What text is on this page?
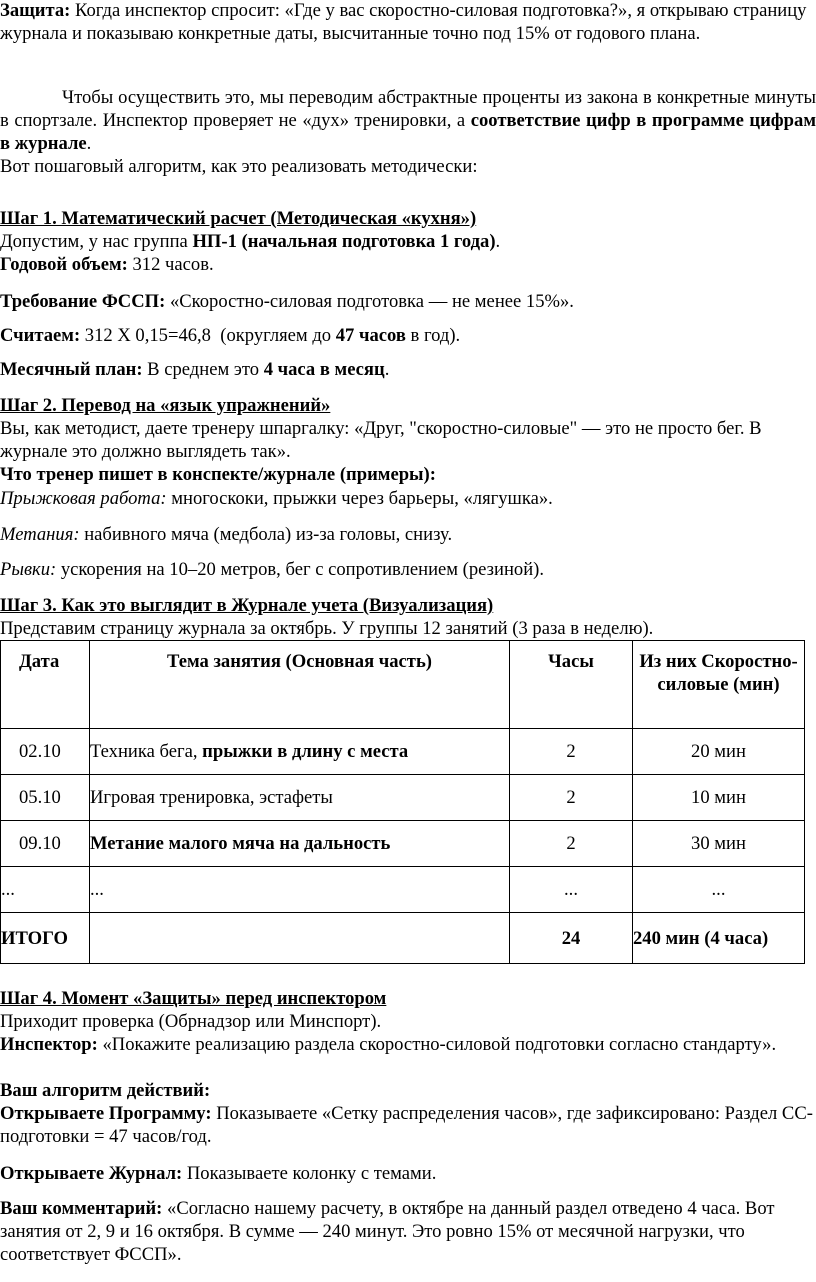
Защита: Когда инспектор спросит: «Где у вас скоростно-силовая подготовка?», я открываю страницу журнала и показываю конкретные даты, высчитанные точно под 15% от годового плана.

Чтобы осуществить это, мы переводим абстрактные проценты из закона в конкретные минуты в спортзале. Инспектор проверяет не «дух» тренировки, а соответствие цифр в программе цифрам в журнале.

Вот пошаговый алгоритм, как это реализовать методически:

Шаг 1. Математический расчет (Методическая «кухня»)

Допустим, у нас группа НП-1 (начальная подготовка 1 года).

Годовой объем: 312 часов.

Требование ФССП: «Скоростно-силовая подготовка — не менее 15%».

Считаем: 312 Х 0,15=46,8  (округляем до 47 часов в год).

Месячный план: В среднем это 4 часа в месяц.

Шаг 2. Перевод на «язык упражнений»

Вы, как методист, даете тренеру шпаргалку: «Друг, "скоростно-силовые" — это не просто бег. В журнале это должно выглядеть так».

Что тренер пишет в конспекте/журнале (примеры):

Прыжковая работа: многоскоки, прыжки через барьеры, «лягушка».

Метания: набивного мяча (медбола) из-за головы, снизу.

Рывки: ускорения на 10–20 метров, бег с сопротивлением (резиной).

Шаг 3. Как это выглядит в Журнале учета (Визуализация)

Представим страницу журнала за октябрь. У группы 12 занятий (3 раза в неделю).

Дата	Тема занятия (Основная часть)	Часы	Из них Скоростно-силовые (мин)
02.10	Техника бега, прыжки в длину с места	2	20 мин
05.10	Игровая тренировка, эстафеты	2	10 мин
09.10	Метание малого мяча на дальность	2	30 мин
...	...	...	...
ИТОГО		24	240 мин (4 часа)

Шаг 4. Момент «Защиты» перед инспектором

Приходит проверка (Обрнадзор или Минспорт).

Инспектор: «Покажите реализацию раздела скоростно-силовой подготовки согласно стандарту».

Ваш алгоритм действий:

Открываете Программу: Показываете «Сетку распределения часов», где зафиксировано: Раздел СС-подготовки = 47 часов/год.

Открываете Журнал: Показываете колонку с темами.

Ваш комментарий: «Согласно нашему расчету, в октябре на данный раздел отведено 4 часа. Вот занятия от 2, 9 и 16 октября. В сумме — 240 минут. Это ровно 15% от месячной нагрузки, что соответствует ФССП».
